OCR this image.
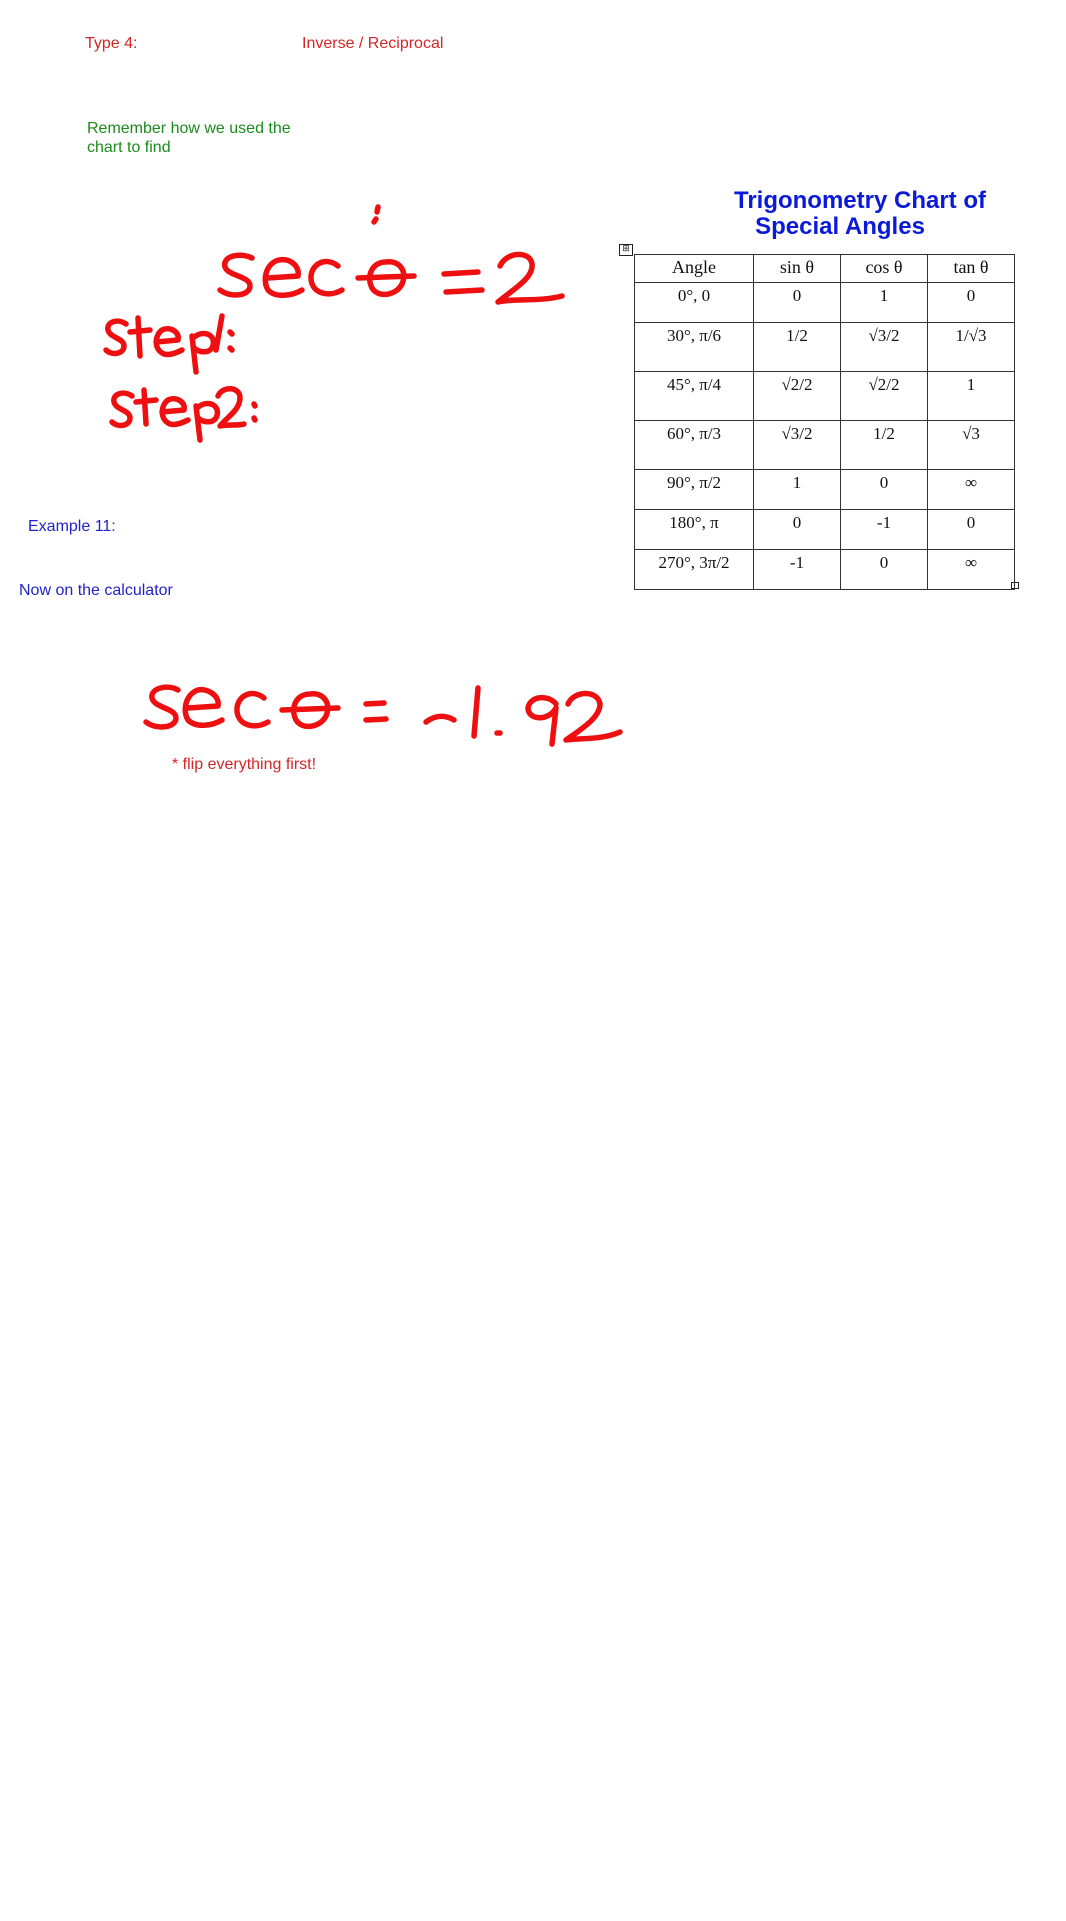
Type 4:	Inverse / Reciprocal
Remember how we used the chart to find
Example 11:
Now on the calculator
* flip everything first!
Trigonometry Chart of
Special Angles
⊞
Angle	sin θ	cos θ	tan θ
0°, 0	0	1	0
30°, π/6	1/2	√3/2	1/√3
45°, π/4	√2/2	√2/2	1
60°, π/3	√3/2	1/2	√3
90°, π/2	1	0	∞
180°, π	0	-1	0
270°, 3π/2	-1	0	∞
